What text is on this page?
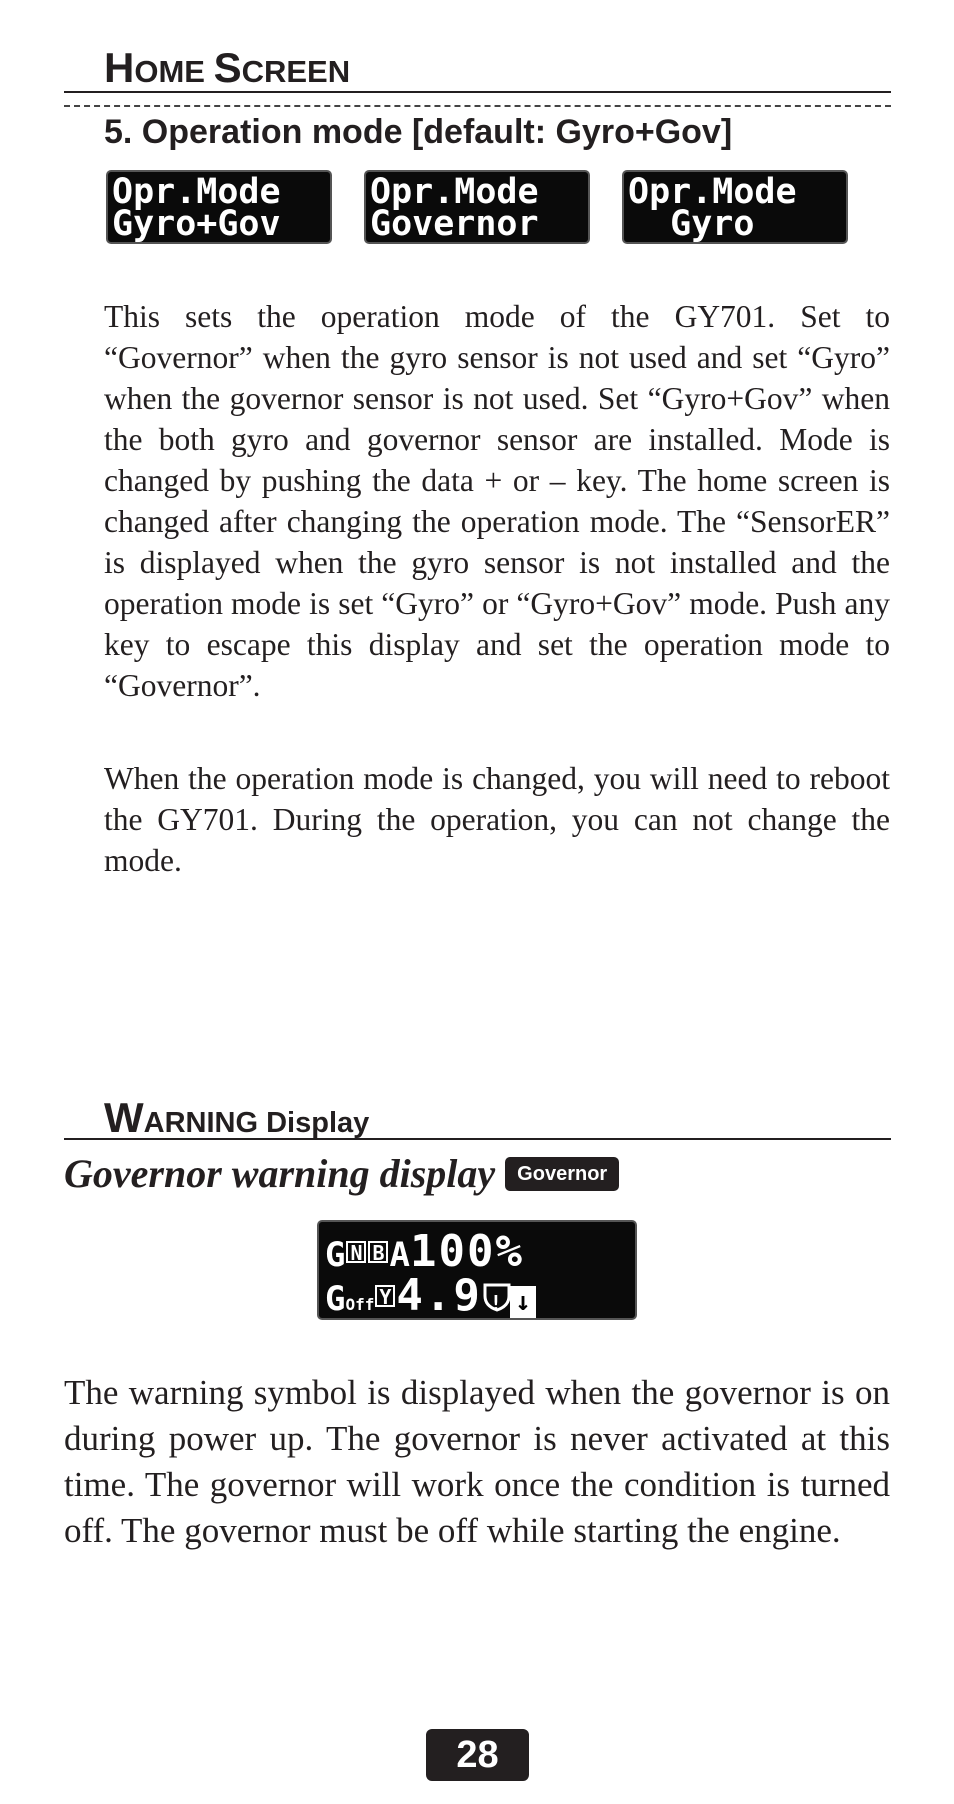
HOME SCREEN
5. Operation mode [default: Gyro+Gov]
Opr.Mode
Gyro+Gov
Opr.Mode
Governor
Opr.Mode
Gyro

This sets the operation mode of the GY701. Set to “Governor” when the gyro sensor is not used and set “Gyro” when the governor sensor is not used. Set “Gyro+Gov” when the both gyro and governor sensor are installed. Mode is changed by pushing the data + or – key. The home screen is changed after changing the operation mode. The “SensorER” is displayed when the gyro sensor is not installed and the operation mode is set “Gyro” or “Gyro+Gov” mode. Push any key to escape this display and set the operation mode to “Governor”.

When the operation mode is changed, you will need to reboot the GY701. During the operation, you can not change the mode.

WARNING Display
Governor warning display Governor
G N B A100%
GOff Y 4.9 ! ↓

The warning symbol is displayed when the governor is on during power up. The governor is never activated at this time. The governor will work once the condition is turned off. The governor must be off while starting the engine.

28
